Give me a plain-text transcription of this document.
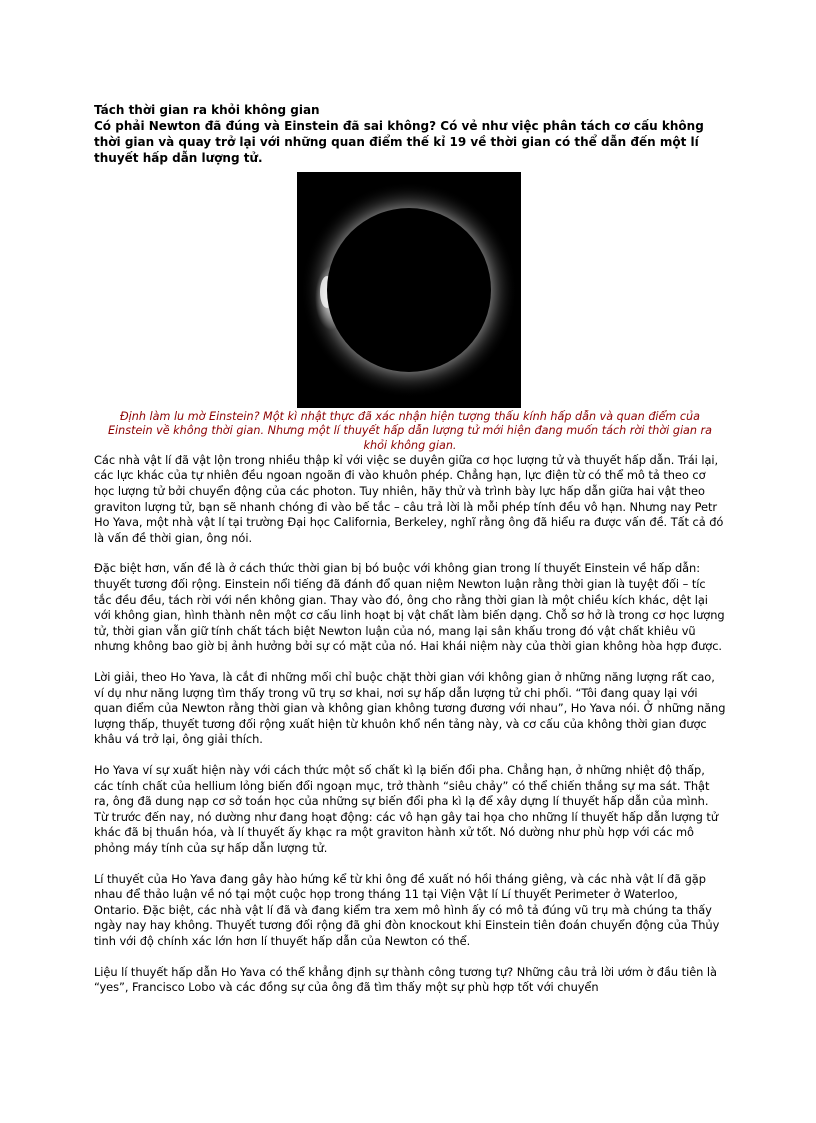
Tách thời gian ra khỏi không gian

Có phải Newton đã đúng và Einstein đã sai không? Có vẻ như việc phân tách cơ cấu không thời gian và quay trở lại với những quan điểm thế kỉ 19 về thời gian có thể dẫn đến một lí thuyết hấp dẫn lượng tử.

Định làm lu mờ Einstein? Một kì nhật thực đã xác nhận hiện tượng thấu kính hấp dẫn và quan điểm của Einstein về không thời gian. Nhưng một lí thuyết hấp dẫn lượng tử mới hiện đang muốn tách rời thời gian ra khỏi không gian.

Các nhà vật lí đã vật lộn trong nhiều thập kỉ với việc se duyên giữa cơ học lượng tử và thuyết hấp dẫn. Trái lại, các lực khác của tự nhiên đều ngoan ngoãn đi vào khuôn phép. Chẳng hạn, lực điện từ có thể mô tả theo cơ học lượng tử bởi chuyển động của các photon. Tuy nhiên, hãy thử và trình bày lực hấp dẫn giữa hai vật theo graviton lượng tử, bạn sẽ nhanh chóng đi vào bế tắc – câu trả lời là mỗi phép tính đều vô hạn. Nhưng nay Petr Ho Yava, một nhà vật lí tại trường Đại học California, Berkeley, nghĩ rằng ông đã hiểu ra được vấn đề. Tất cả đó là vấn đề thời gian, ông nói.

Đặc biệt hơn, vấn đề là ở cách thức thời gian bị bó buộc với không gian trong lí thuyết Einstein về hấp dẫn: thuyết tương đối rộng. Einstein nổi tiếng đã đánh đổ quan niệm Newton luận rằng thời gian là tuyệt đối – tíc tắc đều đều, tách rời với nền không gian. Thay vào đó, ông cho rằng thời gian là một chiều kích khác, dệt lại với không gian, hình thành nên một cơ cấu linh hoạt bị vật chất làm biến dạng. Chỗ sơ hở là trong cơ học lượng tử, thời gian vẫn giữ tính chất tách biệt Newton luận của nó, mang lại sân khấu trong đó vật chất khiêu vũ nhưng không bao giờ bị ảnh hưởng bởi sự có mặt của nó. Hai khái niệm này của thời gian không hòa hợp được.

Lời giải, theo Ho Yava, là cắt đi những mối chỉ buộc chặt thời gian với không gian ở những năng lượng rất cao, ví dụ như năng lượng tìm thấy trong vũ trụ sơ khai, nơi sự hấp dẫn lượng tử chi phối. “Tôi đang quay lại với quan điểm của Newton rằng thời gian và không gian không tương đương với nhau”, Ho Yava nói. Ở những năng lượng thấp, thuyết tương đối rộng xuất hiện từ khuôn khổ nền tảng này, và cơ cấu của không thời gian được khâu vá trở lại, ông giải thích.

Ho Yava ví sự xuất hiện này với cách thức một số chất kì lạ biến đổi pha. Chẳng hạn, ở những nhiệt độ thấp, các tính chất của hellium lỏng biến đổi ngoạn mục, trở thành “siêu chảy” có thể chiến thắng sự ma sát. Thật ra, ông đã dung nạp cơ sở toán học của những sự biến đổi pha kì lạ để xây dựng lí thuyết hấp dẫn của mình. Từ trước đến nay, nó dường như đang hoạt động: các vô hạn gây tai họa cho những lí thuyết hấp dẫn lượng tử khác đã bị thuần hóa, và lí thuyết ấy khạc ra một graviton hành xử tốt. Nó dường như phù hợp với các mô phỏng máy tính của sự hấp dẫn lượng tử.

Lí thuyết của Ho Yava đang gây hào hứng kể từ khi ông đề xuất nó hồi tháng giêng, và các nhà vật lí đã gặp nhau để thảo luận về nó tại một cuộc họp trong tháng 11 tại Viện Vật lí Lí thuyết Perimeter ở Waterloo, Ontario. Đặc biệt, các nhà vật lí đã và đang kiểm tra xem mô hình ấy có mô tả đúng vũ trụ mà chúng ta thấy ngày nay hay không. Thuyết tương đối rộng đã ghi đòn knockout khi Einstein tiên đoán chuyển động của Thủy tinh với độ chính xác lớn hơn lí thuyết hấp dẫn của Newton có thể.

Liệu lí thuyết hấp dẫn Ho Yava có thể khẳng định sự thành công tương tự? Những câu trả lời ướm ờ đầu tiên là “yes”, Francisco Lobo và các đồng sự của ông đã tìm thấy một sự phù hợp tốt với chuyển
